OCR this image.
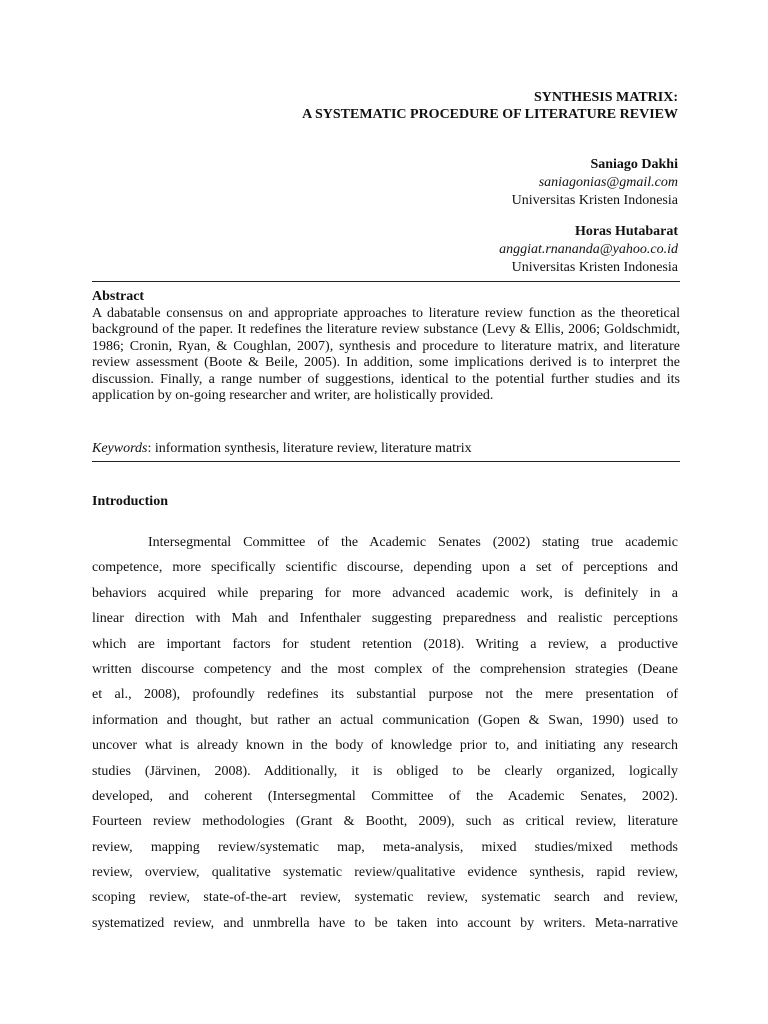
SYNTHESIS MATRIX:
A SYSTEMATIC PROCEDURE OF LITERATURE REVIEW
Saniago Dakhi
saniagonias@gmail.com
Universitas Kristen Indonesia
Horas Hutabarat
anggiat.rnananda@yahoo.co.id
Universitas Kristen Indonesia
Abstract
A dabatable consensus on and appropriate approaches to literature review function as the theoretical background of the paper. It redefines the literature review substance (Levy & Ellis, 2006; Goldschmidt, 1986; Cronin, Ryan, & Coughlan, 2007), synthesis and procedure to literature matrix, and literature review assessment (Boote & Beile, 2005). In addition, some implications derived is to interpret the discussion. Finally, a range number of suggestions, identical to the potential further studies and its application by on-going researcher and writer, are holistically provided.
Keywords: information synthesis, literature review, literature matrix
Introduction
Intersegmental Committee of the Academic Senates (2002) stating true academic
competence, more specifically scientific discourse, depending upon a set of perceptions and
behaviors acquired while preparing for more advanced academic work, is definitely in a
linear direction with Mah and Infenthaler suggesting preparedness and realistic perceptions
which are important factors for student retention (2018). Writing a review, a productive
written discourse competency and the most complex of the comprehension strategies (Deane
et al., 2008), profoundly redefines its substantial purpose not the mere presentation of
information and thought, but rather an actual communication (Gopen & Swan, 1990) used to
uncover what is already known in the body of knowledge prior to, and initiating any research
studies (Järvinen, 2008). Additionally, it is obliged to be clearly organized, logically
developed, and coherent (Intersegmental Committee of the Academic Senates, 2002).
Fourteen review methodologies (Grant & Bootht, 2009), such as critical review, literature
review, mapping review/systematic map, meta-analysis, mixed studies/mixed methods
review, overview, qualitative systematic review/qualitative evidence synthesis, rapid review,
scoping review, state-of-the-art review, systematic review, systematic search and review,
systematized review, and unmbrella have to be taken into account by writers. Meta-narrative
